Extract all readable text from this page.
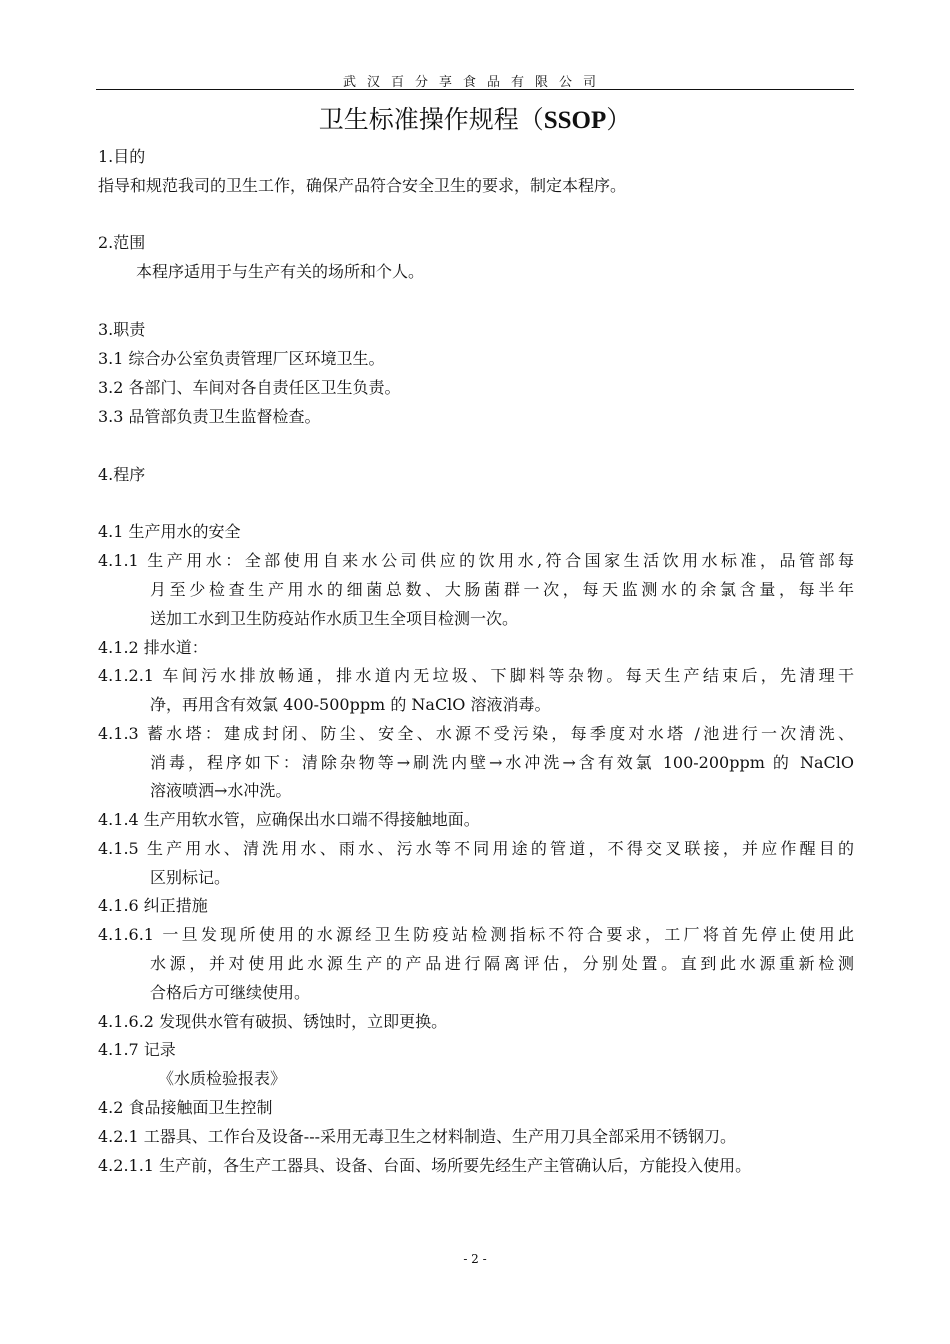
武汉百分享食品有限公司
卫生标准操作规程（SSOP）
1.目的
指导和规范我司的卫生工作，确保产品符合安全卫生的要求，制定本程序。
2.范围
本程序适用于与生产有关的场所和个人。
3.职责
3.1 综合办公室负责管理厂区环境卫生。
3.2 各部门、车间对各自责任区卫生负责。
3.3 品管部负责卫生监督检查。
4.程序
4.1 生产用水的安全
4.1.1 生产用水：全部使用自来水公司供应的饮用水,符合国家生活饮用水标准，品管部每
月至少检查生产用水的细菌总数、大肠菌群一次，每天监测水的余氯含量，每半年
送加工水到卫生防疫站作水质卫生全项目检测一次。
4.1.2 排水道：
4.1.2.1 车间污水排放畅通，排水道内无垃圾、下脚料等杂物。每天生产结束后，先清理干
净，再用含有效氯 400-500ppm 的 NaClO 溶液消毒。
4.1.3 蓄水塔：建成封闭、防尘、安全、水源不受污染，每季度对水塔 /池进行一次清洗、
消毒，程序如下：清除杂物等→刷洗内壁→水冲洗→含有效氯 100-200ppm 的 NaClO
溶液喷洒→水冲洗。
4.1.4 生产用软水管，应确保出水口端不得接触地面。
4.1.5 生产用水、清洗用水、雨水、污水等不同用途的管道，不得交叉联接，并应作醒目的
区别标记。
4.1.6 纠正措施
4.1.6.1 一旦发现所使用的水源经卫生防疫站检测指标不符合要求，工厂将首先停止使用此
水源，并对使用此水源生产的产品进行隔离评估，分别处置。直到此水源重新检测
合格后方可继续使用。
4.1.6.2 发现供水管有破损、锈蚀时，立即更换。
4.1.7 记录
《水质检验报表》
4.2 食品接触面卫生控制
4.2.1 工器具、工作台及设备---采用无毒卫生之材料制造、生产用刀具全部采用不锈钢刀。
4.2.1.1 生产前，各生产工器具、设备、台面、场所要先经生产主管确认后，方能投入使用。
- 2 -
